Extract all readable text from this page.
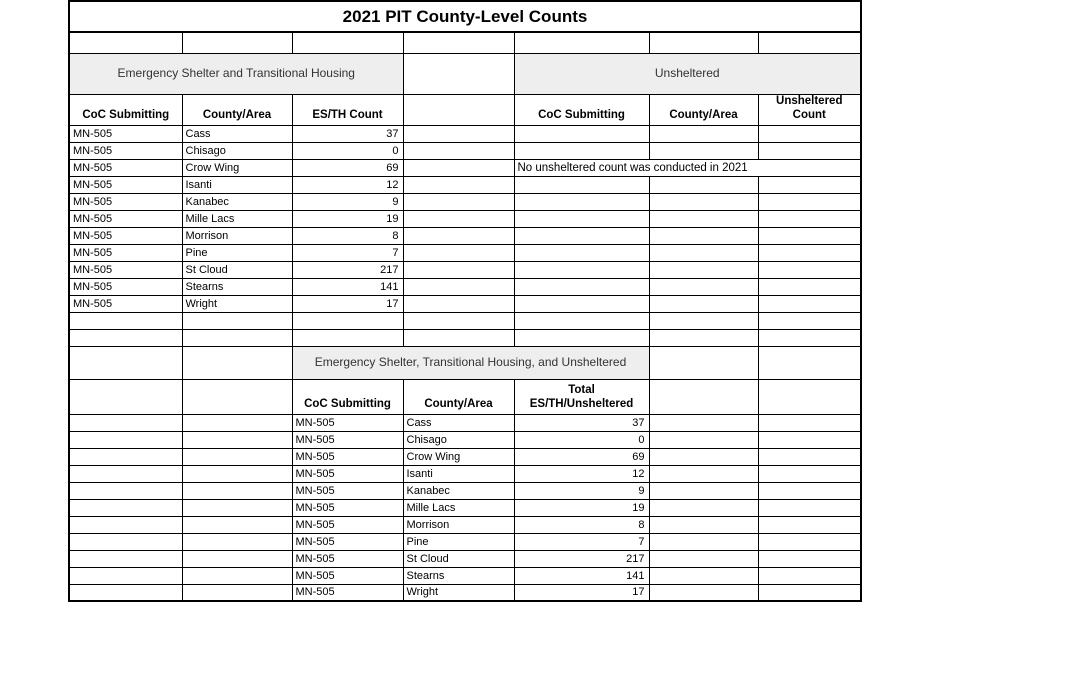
2021 PIT County-Level Counts						

Emergency Shelter and Transitional Housing				Unsheltered		
CoC Submitting	County/Area	ES/TH Count		CoC Submitting	County/Area	Unsheltered
Count

MN-505	Cass	37				
MN-505	Chisago	0				
MN-505	Crow Wing	69		No unsheltered count was conducted in 2021		
MN-505	Isanti	12				
MN-505	Kanabec	9				
MN-505	Mille Lacs	19				
MN-505	Morrison	8				
MN-505	Pine	7				
MN-505	St Cloud	217				
MN-505	Stearns	141				
MN-505	Wright	17				

		Emergency Shelter, Transitional Housing, and Unsheltered				
		CoC Submitting	County/Area	Total
ES/TH/Unsheltered		

		MN-505	Cass	37		
		MN-505	Chisago	0		
		MN-505	Crow Wing	69		
		MN-505	Isanti	12		
		MN-505	Kanabec	9		
		MN-505	Mille Lacs	19		
		MN-505	Morrison	8		
		MN-505	Pine	7		
		MN-505	St Cloud	217		
		MN-505	Stearns	141		
		MN-505	Wright	17		
